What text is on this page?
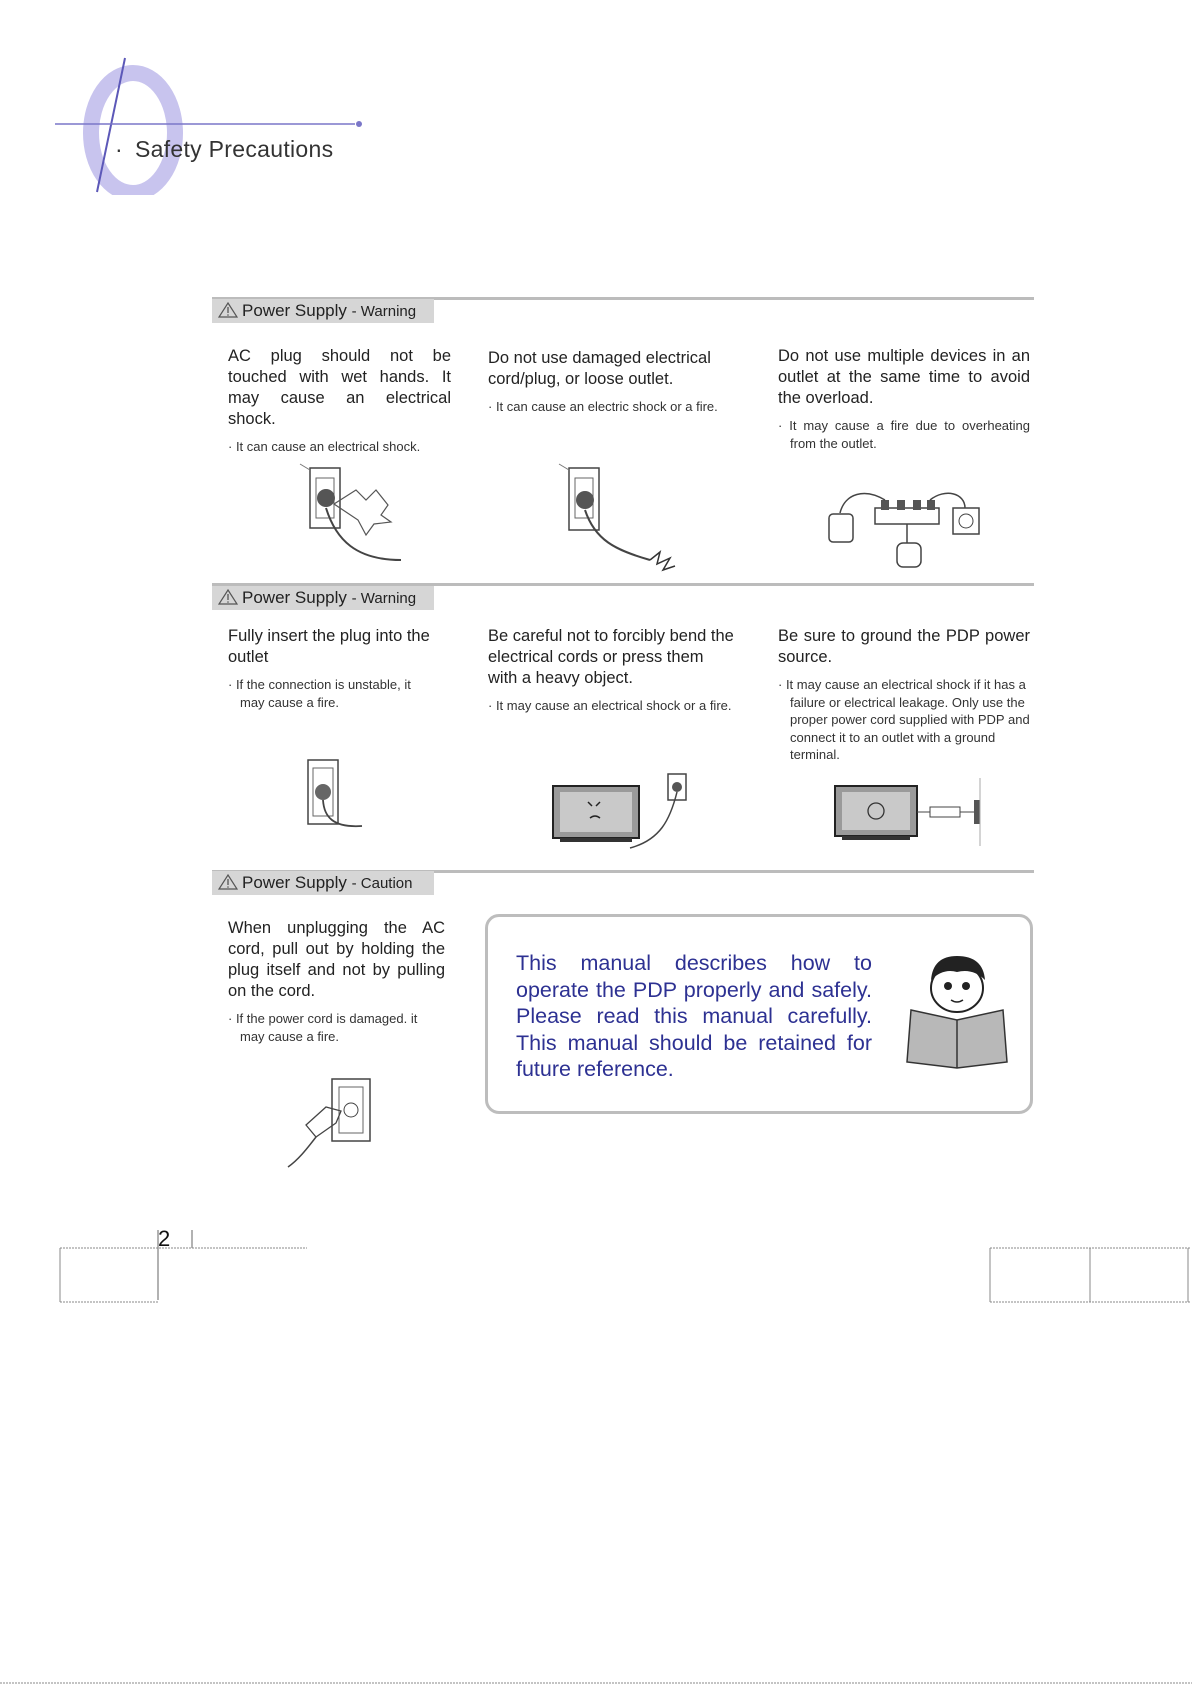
· Safety Precautions
Power Supply - Warning

AC plug should not be touched with wet hands. It may cause an electrical shock.

· It can cause an electrical shock.

Do not use damaged electrical cord/plug, or loose outlet.

· It can cause an electric shock or a fire.

Do not use multiple devices in an outlet at the same time to avoid the overload.

· It may cause a fire due to overheating from the outlet.
Power Supply - Warning

Fully insert the plug into the outlet

· If the connection is unstable, it may cause a fire.

Be careful not to forcibly bend the electrical cords or press them with a heavy object.

· It may cause an electrical shock or a fire.

Be sure to ground the PDP power source.

· It may cause an electrical shock if it has a failure or electrical leakage. Only use the proper power cord supplied with PDP and connect it to an outlet with a ground terminal.
Power Supply - Caution

When unplugging the AC cord, pull out by holding the plug itself and not by pulling on the cord.

· If the power cord is damaged. it may cause a fire.
This manual describes how to operate the PDP properly and safely. Please read this manual carefully. This manual should be retained for future reference.
2
